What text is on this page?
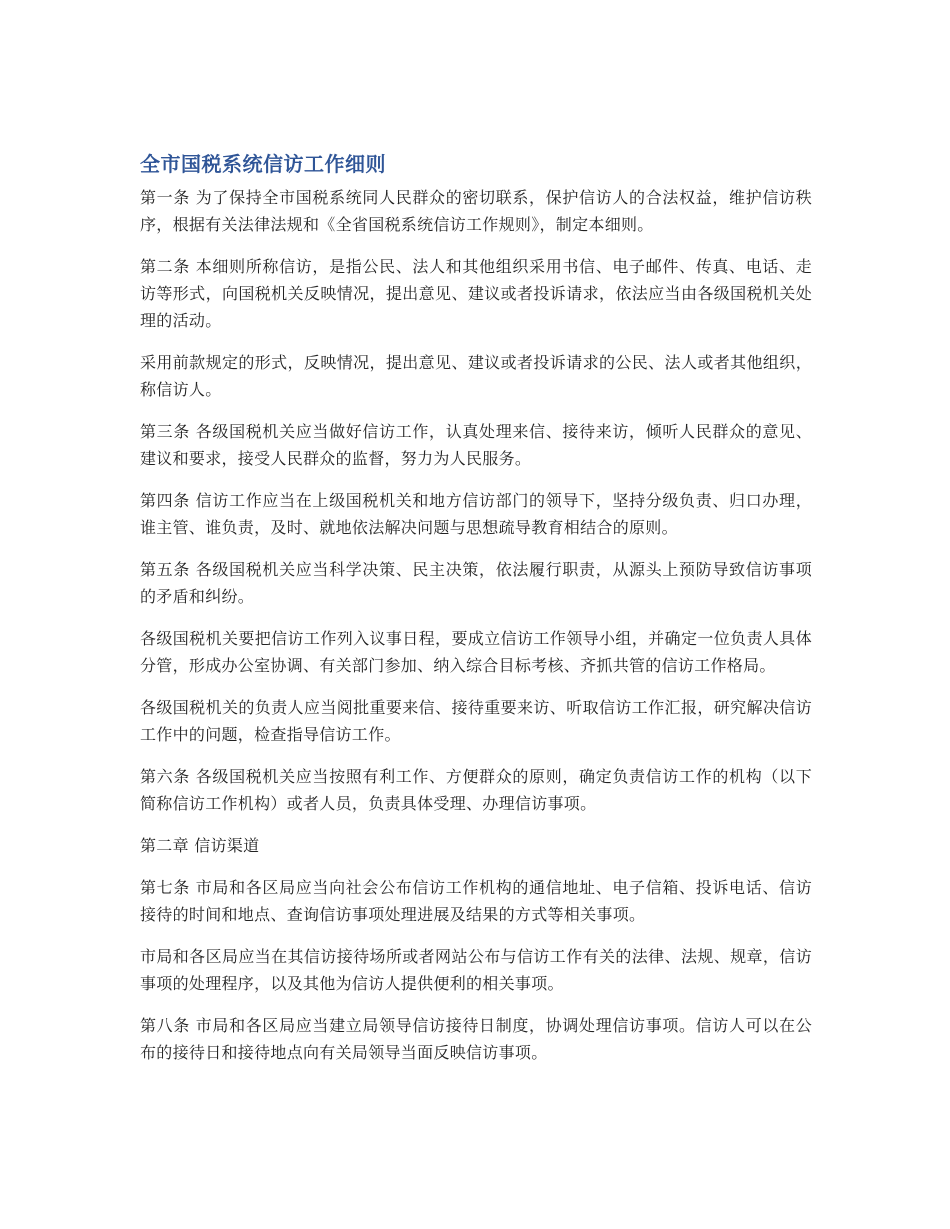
全市国税系统信访工作细则

第一条 为了保持全市国税系统同人民群众的密切联系，保护信访人的合法权益，维护信访秩序，根据有关法律法规和《全省国税系统信访工作规则》，制定本细则。

第二条 本细则所称信访，是指公民、法人和其他组织采用书信、电子邮件、传真、电话、走访等形式，向国税机关反映情况，提出意见、建议或者投诉请求，依法应当由各级国税机关处理的活动。

采用前款规定的形式，反映情况，提出意见、建议或者投诉请求的公民、法人或者其他组织，称信访人。

第三条 各级国税机关应当做好信访工作，认真处理来信、接待来访，倾听人民群众的意见、建议和要求，接受人民群众的监督，努力为人民服务。

第四条 信访工作应当在上级国税机关和地方信访部门的领导下，坚持分级负责、归口办理，谁主管、谁负责，及时、就地依法解决问题与思想疏导教育相结合的原则。

第五条 各级国税机关应当科学决策、民主决策，依法履行职责，从源头上预防导致信访事项的矛盾和纠纷。

各级国税机关要把信访工作列入议事日程，要成立信访工作领导小组，并确定一位负责人具体分管，形成办公室协调、有关部门参加、纳入综合目标考核、齐抓共管的信访工作格局。

各级国税机关的负责人应当阅批重要来信、接待重要来访、听取信访工作汇报，研究解决信访工作中的问题，检查指导信访工作。

第六条 各级国税机关应当按照有利工作、方便群众的原则，确定负责信访工作的机构（以下简称信访工作机构）或者人员，负责具体受理、办理信访事项。

第二章 信访渠道

第七条 市局和各区局应当向社会公布信访工作机构的通信地址、电子信箱、投诉电话、信访接待的时间和地点、查询信访事项处理进展及结果的方式等相关事项。

市局和各区局应当在其信访接待场所或者网站公布与信访工作有关的法律、法规、规章，信访事项的处理程序，以及其他为信访人提供便利的相关事项。

第八条 市局和各区局应当建立局领导信访接待日制度，协调处理信访事项。信访人可以在公布的接待日和接待地点向有关局领导当面反映信访事项。
